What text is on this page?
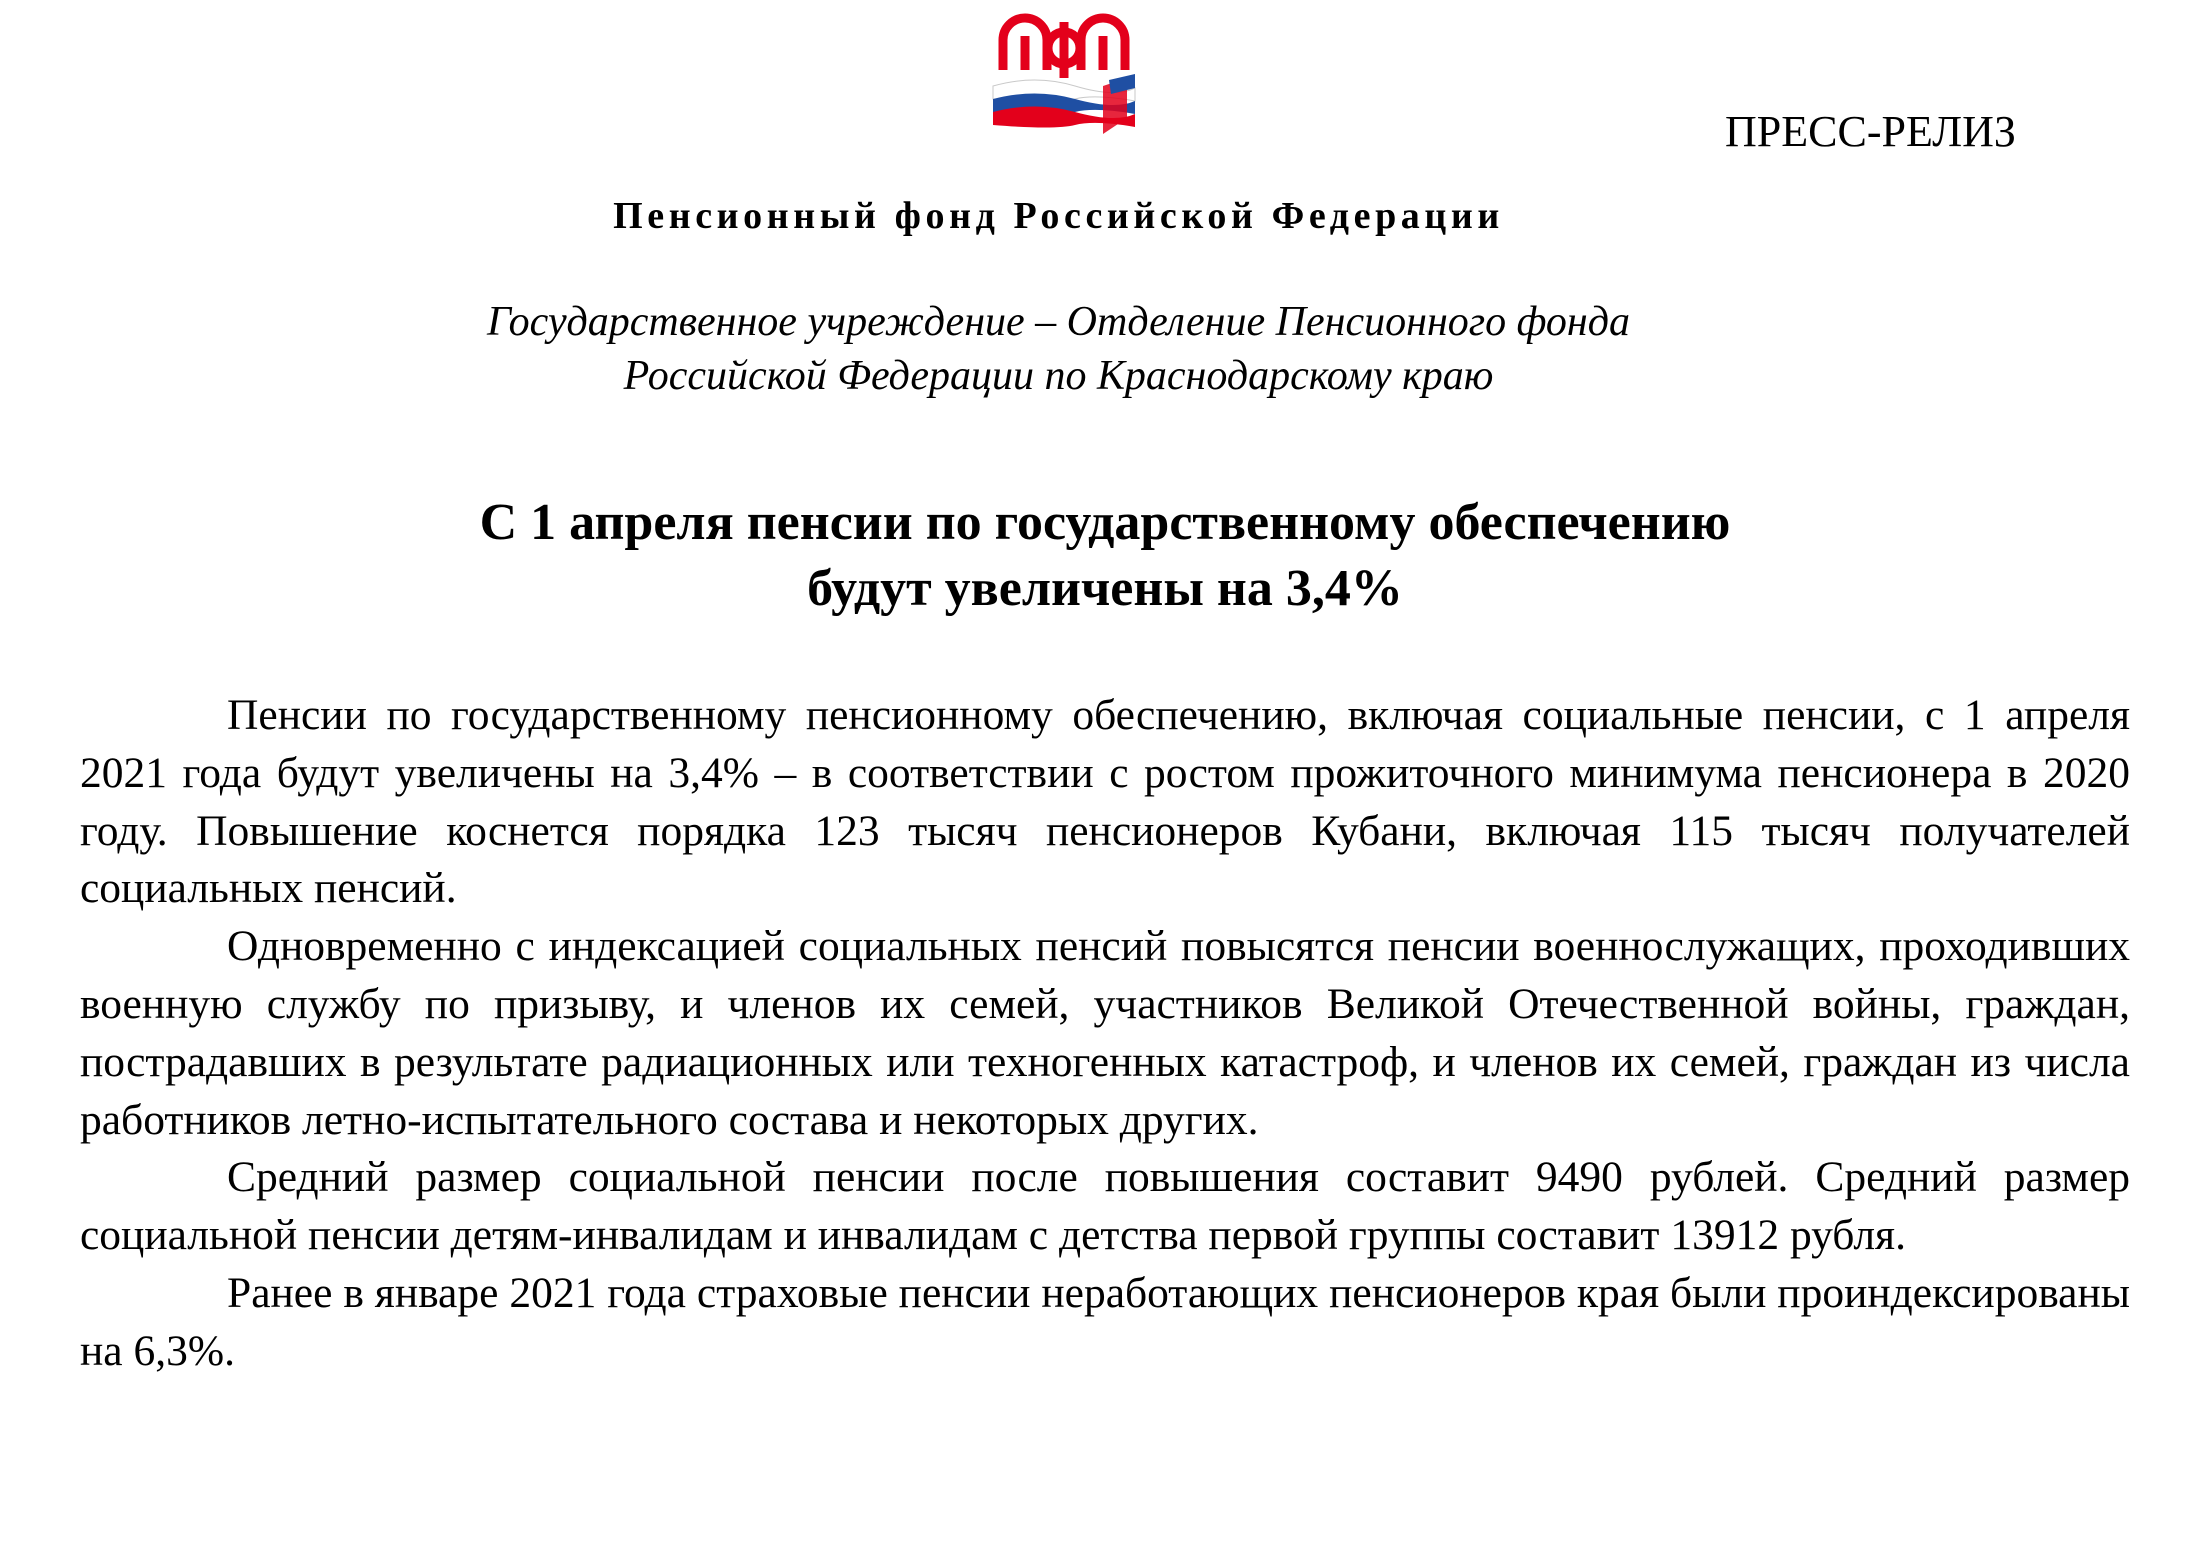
ПРЕСС-РЕЛИЗ
Пенсионный фонд Российской Федерации
Государственное учреждение – Отделение Пенсионного фонда
Российской Федерации по Краснодарскому краю
С 1 апреля пенсии по государственному обеспечению
будут увеличены на 3,4%

Пенсии по государственному пенсионному обеспечению, включая социальные пенсии, с 1 апреля 2021 года будут увеличены на 3,4% – в соответствии с ростом прожиточного минимума пенсионера в 2020 году. Повышение коснется порядка 123 тысяч пенсионеров Кубани, включая 115 тысяч получателей социальных пенсий.

Одновременно с индексацией социальных пенсий повысятся пенсии военнослужащих, проходивших военную службу по призыву, и членов их семей, участников Великой Отечественной войны, граждан, пострадавших в результате радиационных или техногенных катастроф, и членов их семей, граждан из числа работников летно-испытательного состава и некоторых других.

Средний размер социальной пенсии после повышения составит 9490 рублей. Средний размер социальной пенсии детям-инвалидам и инвалидам с детства первой группы составит 13912 рубля.

Ранее в январе 2021 года страховые пенсии неработающих пенсионеров края были проиндексированы на 6,3%.
